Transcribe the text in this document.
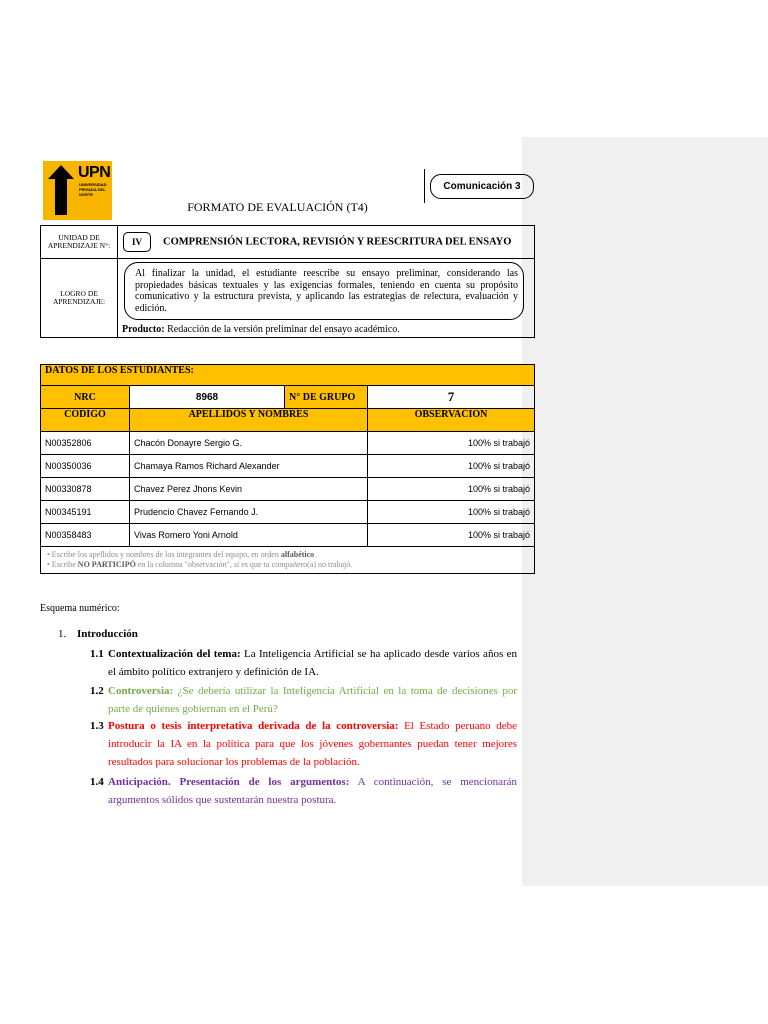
UPN
UNIVERSIDAD PRIVADA DEL NORTE
Comunicación 3
FORMATO DE EVALUACIÓN (T4)
UNIDAD DE APRENDIZAJE N°:	IV COMPRENSIÓN LECTORA, REVISIÓN Y REESCRITURA DEL ENSAYO
LOGRO DE APRENDIZAJE:	Al finalizar la unidad, el estudiante reescribe su ensayo preliminar, considerando las propiedades básicas textuales y las exigencias formales, teniendo en cuenta su propósito comunicativo y la estructura prevista, y aplicando las estrategias de relectura, evaluación y edición.
Producto: Redacción de la versión preliminar del ensayo académico.
DATOS DE LOS ESTUDIANTES:			
NRC	8968	N° DE GRUPO	7
CODIGO	APELLIDOS Y NOMBRES		OBSERVACION
N00352806	Chacón Donayre Sergio G.		100% si trabajó
N00350036	Chamaya Ramos Richard Alexander		100% si trabajó
N00330878	Chavez Perez Jhons Kevin		100% si trabajó
N00345191	Prudencio Chavez Fernando J.		100% si trabajó
N00358483	Vivas Romero Yoni Arnold		100% si trabajó

• Escribe los apellidos y nombres de los integrantes del equipo, en orden alfabético.
• Escribe NO PARTICIPÓ en la columna "observación", si es que tu compañero(a) no trabajó.			
Esquema numérico:
1. Introducción
1.1 Contextualización del tema: La Inteligencia Artificial se ha aplicado desde varios años en el ámbito político extranjero y definición de IA.
1.2 Controversia: ¿Se debería utilizar la Inteligencia Artificial en la toma de decisiones por parte de quienes gobiernan en el Perú?
1.3 Postura o tesis interpretativa derivada de la controversia: El Estado peruano debe introducir la IA en la política para que los jóvenes gobernantes puedan tener mejores resultados para solucionar los problemas de la población.
1.4 Anticipación. Presentación de los argumentos: A continuación, se mencionarán argumentos sólidos que sustentarán nuestra postura.
